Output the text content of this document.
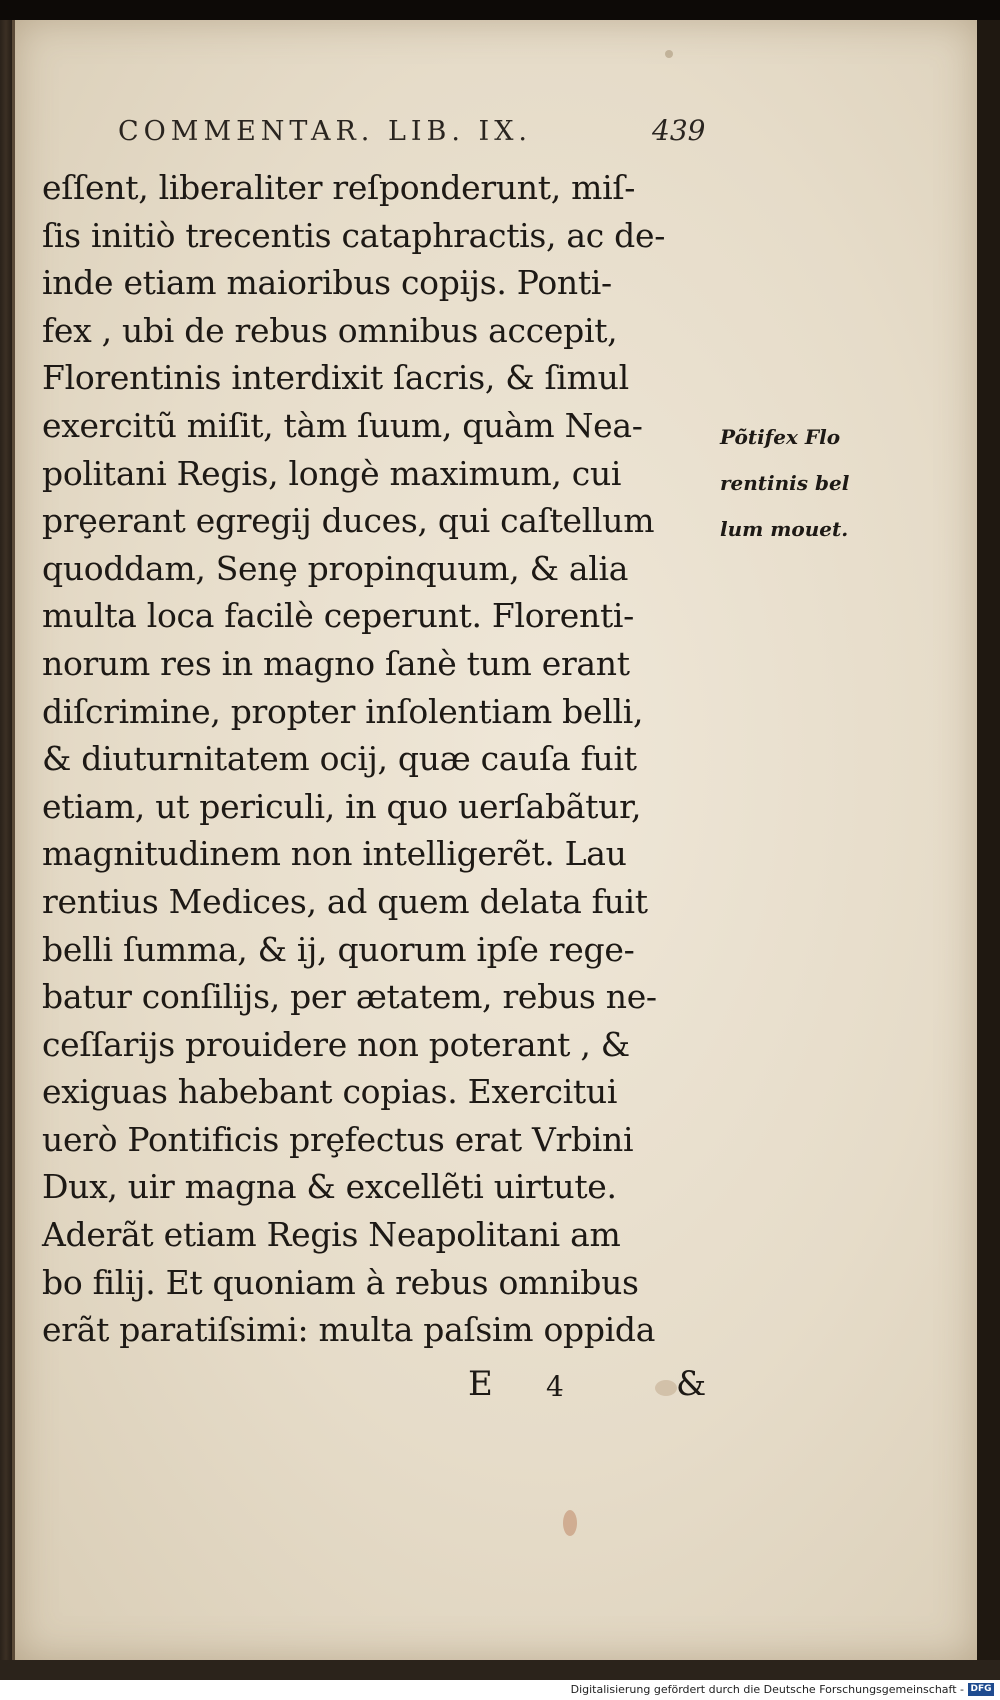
COMMENTAR. LIB. IX.	439
eſſent, liberaliter reſponderunt, miſ-
ſis initiò trecentis cataphractis, ac de-
inde etiam maioribus copiјs. Ponti-
fex , ubi de rebus omnibus accepit,
Florentinis interdixit ſacris, & ſimul
exercitũ miſit, tàm ſuum, quàm Nea-
politani Regis, longè maximum, cui
prȩerant egregij duces, qui caſtellum
quoddam, Senȩ propinquum, & alia
multa loca facilè ceperunt. Florenti-
norum res in magno ſanè tum erant
diſcrimine, propter inſolentiam belli,
& diuturnitatem ocij, quæ cauſa fuit
etiam, ut periculi, in quo uerſabãtur,
magnitudinem non intelligerẽt. Lau
rentius Medices, ad quem delata fuit
belli ſumma, & ij, quorum ipſe rege-
batur conſilijs, per ætatem, rebus ne-
ceſſarijs prouidere non poterant , &
exiguas habebant copias. Exercitui
uerò Pontificis prȩfectus erat Vrbini
Dux, uir magna & excellẽti uirtute.
Aderãt etiam Regis Neapolitani am
bo filij. Et quoniam à rebus omnibus
erãt paratiſsimi: multa paſsim oppida
Põtifex Flo
rentinis bel
lum mouet.
E 4	&
Digitalisierung gefördert durch die Deutsche Forschungsgemeinschaft - DFG
